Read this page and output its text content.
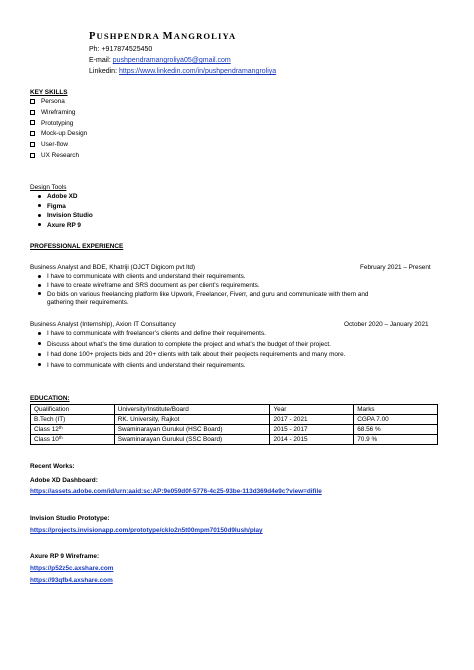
PUSHPENDRA MANGROLIYA
Ph: +917874525450
E-mail: pushpendramangroliya05@gmail.com
Linkedin: https://www.linkedin.com/in/pushpendramangroliya
KEY SKILLS
Persona
Wireframing
Prototyping
Mock-up Design
User-flow
UX Research
Design Tools
Adobe XD
Figma
Invision Studio
Axure RP 9
PROFESSIONAL EXPERIENCE
Business Analyst and BDE, Khatriji (OJCT Digicom pvt ltd)	February 2021 – Present
I have to communicate with clients and understand their requirements.
I have to create wireframe and SRS document as per client’s requirements.
Do bids on various freelancing platform like Upwork, Freelancer, Fiverr, and guru and communicate with them and
gathering their requirements.
Business Analyst (Internship), Axion IT Consultancy	October 2020 – January 2021
I have to communicate with freelancer’s clients and define their requirements.
Discuss about what’s the time duration to complete the project and what’s the budget of their project.
I had done 100+ projects bids and 20+ clients with talk about their peojects requirements and many more.
I have to communicate with clients and understand their requirements.
EDUCATION:
Qualification	University/Institute/Board	Year	Marks
B.Tech (IT)	RK. University, Rajkot	2017 - 2021	CGPA 7.00
Class 12th	Swaminarayan Gurukul (HSC Board)	2015 - 2017	68.56 %
Class 10th	Swaminarayan Gurukul (SSC Board)	2014 - 2015	70.9 %
Recent Works:
Adobe XD Dashboard:
https://assets.adobe.com/id/urn:aaid:sc:AP:9e059d0f-5776-4c25-93be-113d369d4e9c?view=difile
Invision Studio Prototype:
https://projects.invisionapp.com/prototype/cklo2n5t00mpm70150d9lush/play
Axure RP 9 Wireframe:
https://p52z5c.axshare.com
https://93qfb4.axshare.com
